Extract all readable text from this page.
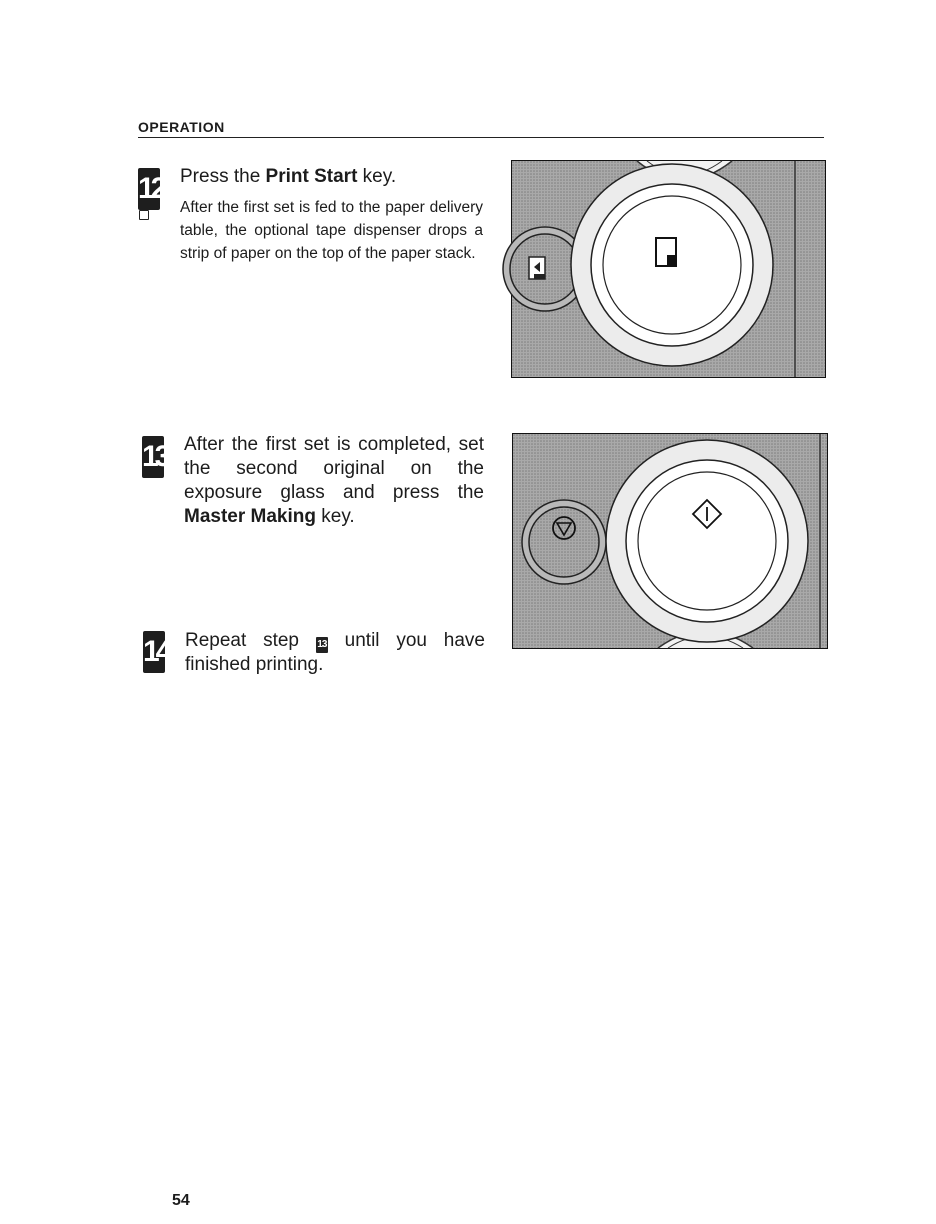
OPERATION
12 Press the Print Start key.
After the first set is fed to the paper delivery table, the optional tape dispenser drops a strip of paper on the top of the paper stack.
13 After the first set is completed, set the second original on the exposure glass and press the Master Making key.
14 Repeat step 13 until you have finished printing.
54
